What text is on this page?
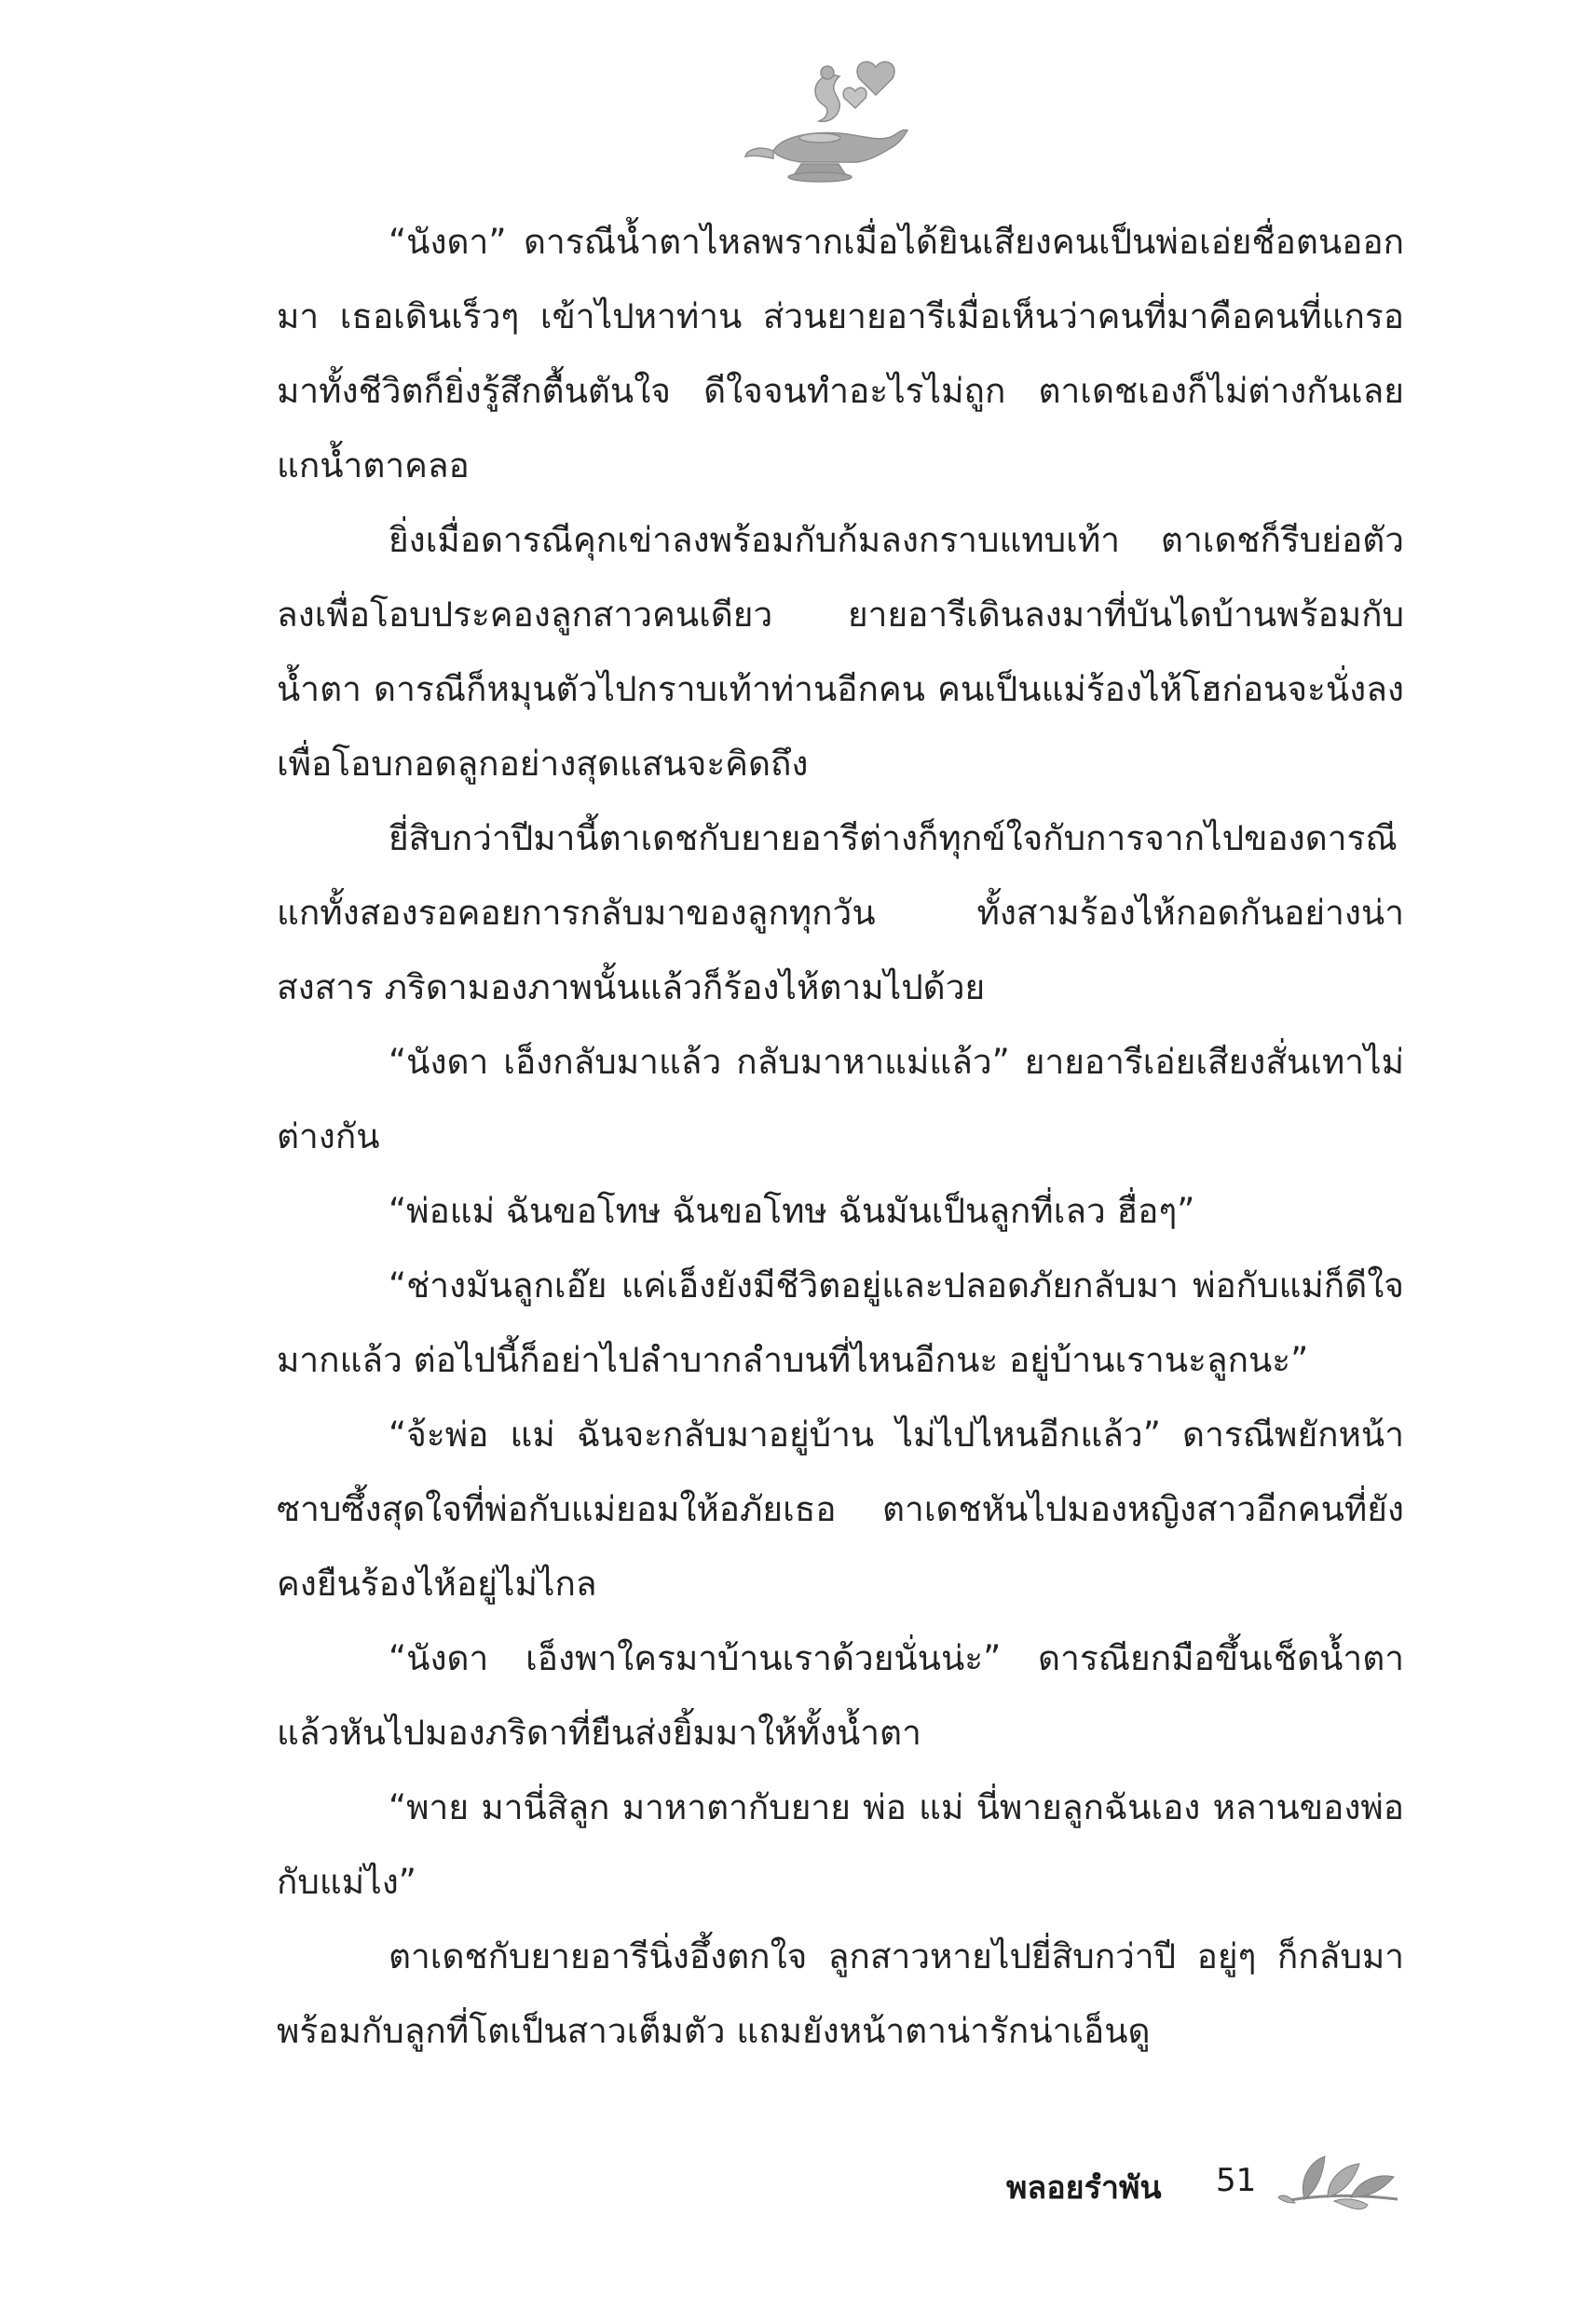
“นังดา” ดารณีน้ำตาไหลพรากเมื่อได้ยินเสียงคนเป็นพ่อเอ่ยชื่อตนออกมา เธอเดินเร็วๆ เข้าไปหาท่าน ส่วนยายอารีเมื่อเห็นว่าคนที่มาคือคนที่แกรอมาทั้งชีวิตก็ยิ่งรู้สึกตื้นตันใจ ดีใจจนทำอะไรไม่ถูก ตาเดชเองก็ไม่ต่างกันเลย แกน้ำตาคลอ

ยิ่งเมื่อดารณีคุกเข่าลงพร้อมกับก้มลงกราบแทบเท้า ตาเดชก็รีบย่อตัวลงเพื่อโอบประคองลูกสาวคนเดียว ยายอารีเดินลงมาที่บันไดบ้านพร้อมกับน้ำตา ดารณีก็หมุนตัวไปกราบเท้าท่านอีกคน คนเป็นแม่ร้องไห้โฮก่อนจะนั่งลงเพื่อโอบกอดลูกอย่างสุดแสนจะคิดถึง

ยี่สิบกว่าปีมานี้ตาเดชกับยายอารีต่างก็ทุกข์ใจกับการจากไปของดารณี แกทั้งสองรอคอยการกลับมาของลูกทุกวัน ทั้งสามร้องไห้กอดกันอย่างน่าสงสาร ภริดามองภาพนั้นแล้วก็ร้องไห้ตามไปด้วย

“นังดา เอ็งกลับมาแล้ว กลับมาหาแม่แล้ว” ยายอารีเอ่ยเสียงสั่นเทาไม่ต่างกัน

“พ่อแม่ ฉันขอโทษ ฉันขอโทษ ฉันมันเป็นลูกที่เลว ฮื่อๆ”

“ช่างมันลูกเอ๊ย แค่เอ็งยังมีชีวิตอยู่และปลอดภัยกลับมา พ่อกับแม่ก็ดีใจมากแล้ว ต่อไปนี้ก็อย่าไปลำบากลำบนที่ไหนอีกนะ อยู่บ้านเรานะลูกนะ”

“จ้ะพ่อ แม่ ฉันจะกลับมาอยู่บ้าน ไม่ไปไหนอีกแล้ว” ดารณีพยักหน้าซาบซึ้งสุดใจที่พ่อกับแม่ยอมให้อภัยเธอ ตาเดชหันไปมองหญิงสาวอีกคนที่ยังคงยืนร้องไห้อยู่ไม่ไกล

“นังดา เอ็งพาใครมาบ้านเราด้วยนั่นน่ะ” ดารณียกมือขึ้นเช็ดน้ำตาแล้วหันไปมองภริดาที่ยืนส่งยิ้มมาให้ทั้งน้ำตา

“พาย มานี่สิลูก มาหาตากับยาย พ่อ แม่ นี่พายลูกฉันเอง หลานของพ่อกับแม่ไง”

ตาเดชกับยายอารีนิ่งอึ้งตกใจ ลูกสาวหายไปยี่สิบกว่าปี อยู่ๆ ก็กลับมาพร้อมกับลูกที่โตเป็นสาวเต็มตัว แถมยังหน้าตาน่ารักน่าเอ็นดู

พลอยรำพัน 51
